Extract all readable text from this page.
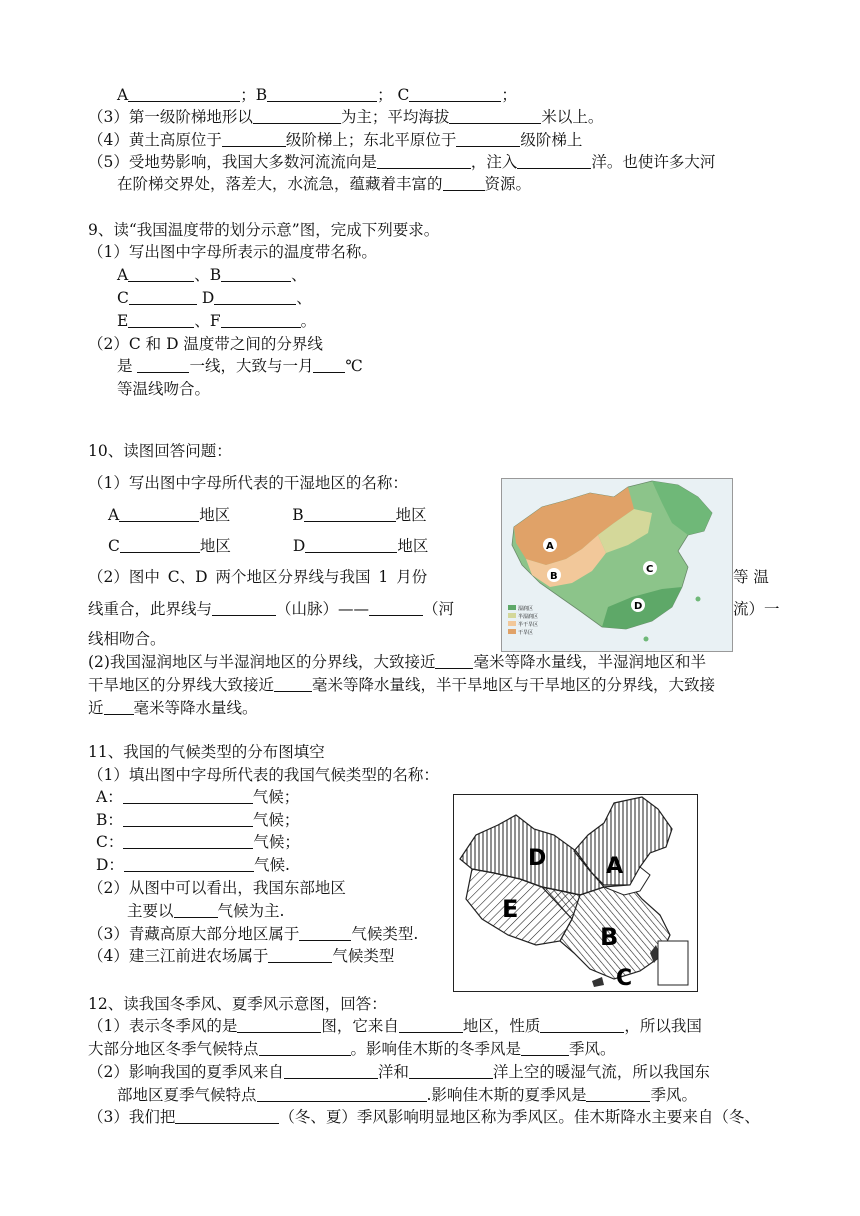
A	；B	； C	；
（3）第一级阶梯地形以	为主；平均海拔	米以上。
（4）黄土高原位于	级阶梯上；东北平原位于	级阶梯上
（5）受地势影响，我国大多数河流流向是	，注入	洋。也使许多大河
在阶梯交界处，落差大，水流急，蕴藏着丰富的	资源。
9、读“我国温度带的划分示意”图，完成下列要求。
（1）写出图中字母所表示的温度带名称。
A	、B	、
C	D	、
E	、F	。
（2）C 和 D 温度带之间的分界线
是	一线，大致与一月 ℃
等温线吻合。
10、读图回答问题：
（1）写出图中字母所代表的干湿地区的名称：
A	地区	B	地区
C	地区	D	地区
（2）图中 C、D 两个地区分界线与我国 1 月份	等 温
线重合，此界线与	（山脉）——	（河	流）一
线相吻合。
(2)我国湿润地区与半湿润地区的分界线，大致接近 毫米等降水量线，半湿润地区和半
干旱地区的分界线大致接近 毫米等降水量线，半干旱地区与干旱地区的分界线，大致接
近 毫米等降水量线。
湿润区
半湿润区
半干旱区
干旱区
A
B
C
D
11、我国的气候类型的分布图填空
（1）填出图中字母所代表的我国气候类型的名称：
A：	气候；
B：	气候；
C：	气候；
D：	气候.
（2）从图中可以看出，我国东部地区
主要以	气候为主.
（3）青藏高原大部分地区属于	气候类型.
（4）建三江前进农场属于	气候类型
D	A
E
B
C
12、读我国冬季风、夏季风示意图，回答：
（1）表示冬季风的是	图，它来自	地区，性质	，所以我国
大部分地区冬季气候特点	。影响佳木斯的冬季风是	季风。
（2）影响我国的夏季风来自	洋和	洋上空的暖湿气流，所以我国东
部地区夏季气候特点	.影响佳木斯的夏季风是	季风。
（3）我们把	（冬、夏）季风影响明显地区称为季风区。佳木斯降水主要来自（冬、
